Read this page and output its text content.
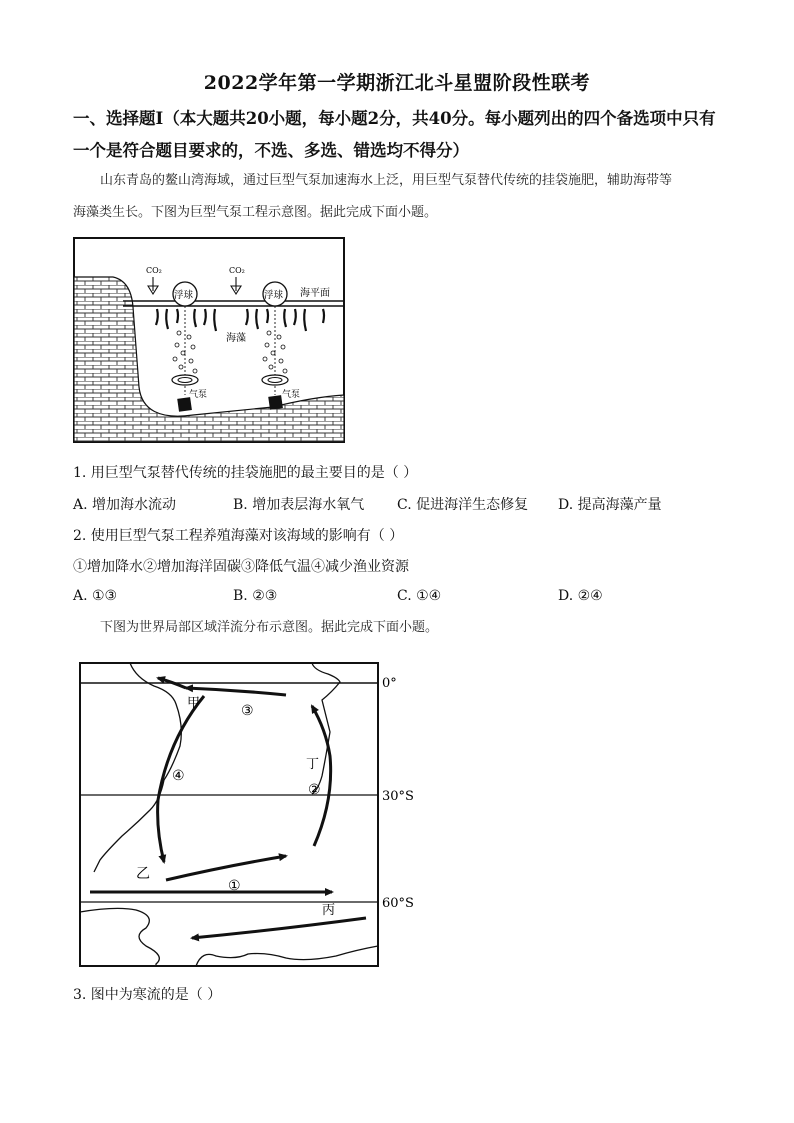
2022学年第一学期浙江北斗星盟阶段性联考
一、选择题Ⅰ（本大题共20小题，每小题2分，共40分。每小题列出的四个备选项中只有
一个是符合题目要求的，不选、多选、错选均不得分）
山东青岛的鳌山湾海域，通过巨型气泵加速海水上泛，用巨型气泵替代传统的挂袋施肥，辅助海带等
海藻类生长。下图为巨型气泵工程示意图。据此完成下面小题。
海平面
CO₂	CO₂
浮球	浮球
海藻
气泵	气泵
1. 用巨型气泵替代传统的挂袋施肥的最主要目的是（ ）
A. 增加海水流动	B. 增加表层海水氧气 C. 促进海洋生态修复 D. 提高海藻产量
2. 使用巨型气泵工程养殖海藻对该海域的影响有（ ）
①增加降水②增加海洋固碳③降低气温④减少渔业资源
A. ①③	B. ②③	C. ①④	D. ②④
下图为世界局部区域洋流分布示意图。据此完成下面小题。
0°
30°S
60°S
甲	③
④
丁
②
乙
①
丙
3. 图中为寒流的是（ ）
